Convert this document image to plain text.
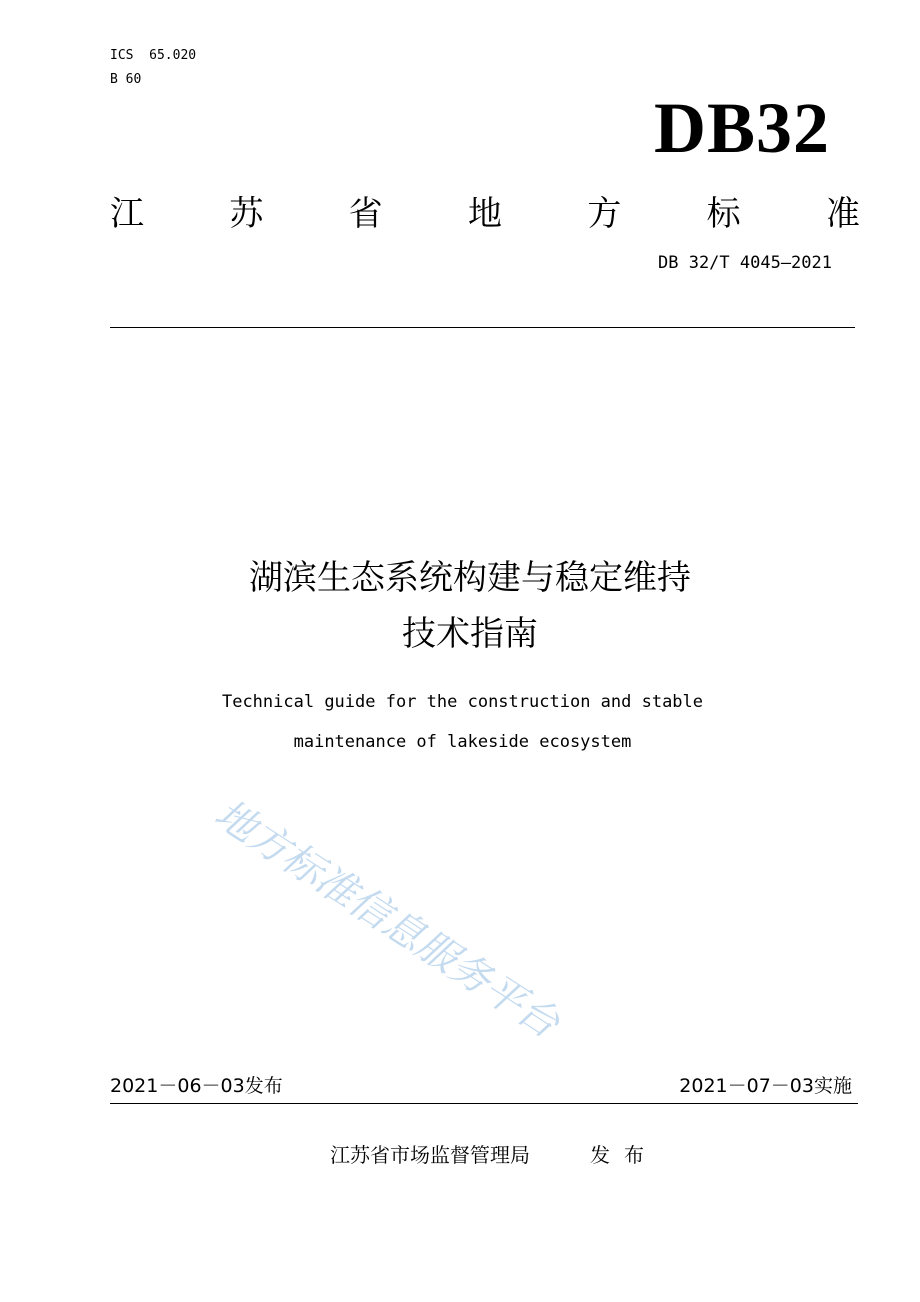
ICS  65.020
B 60
DB32
江	苏	省	地	方	标	准
DB 32/T 4045—2021
湖滨生态系统构建与稳定维持
技术指南
Technical guide for the construction and stable
maintenance of lakeside ecosystem
地方标准信息服务平台
2021－06－03发布	2021－07－03实施
江苏省市场监督管理局	发布
